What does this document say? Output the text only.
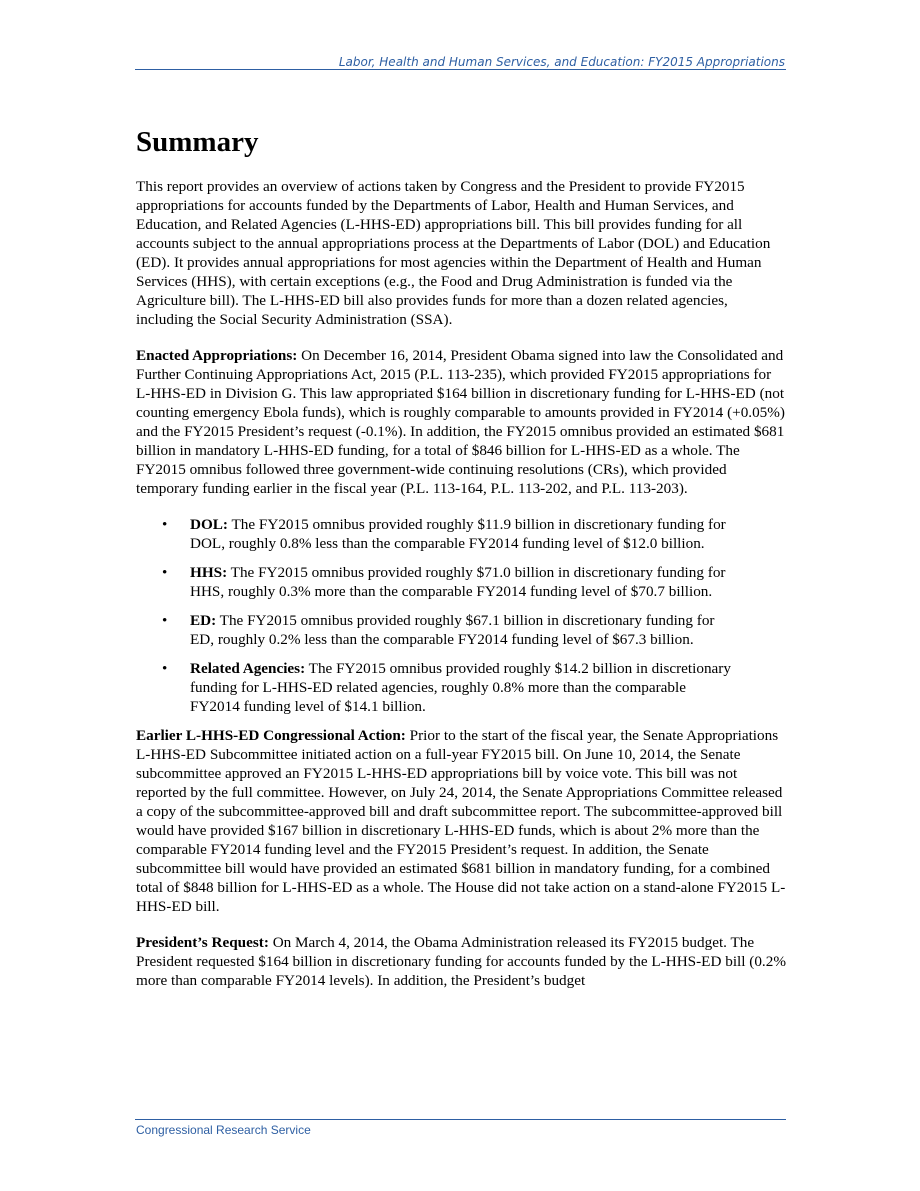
Labor, Health and Human Services, and Education: FY2015 Appropriations
Summary

This report provides an overview of actions taken by Congress and the President to provide FY2015 appropriations for accounts funded by the Departments of Labor, Health and Human Services, and Education, and Related Agencies (L-HHS-ED) appropriations bill. This bill provides funding for all accounts subject to the annual appropriations process at the Departments of Labor (DOL) and Education (ED). It provides annual appropriations for most agencies within the Department of Health and Human Services (HHS), with certain exceptions (e.g., the Food and Drug Administration is funded via the Agriculture bill). The L-HHS-ED bill also provides funds for more than a dozen related agencies, including the Social Security Administration (SSA).

Enacted Appropriations: On December 16, 2014, President Obama signed into law the Consolidated and Further Continuing Appropriations Act, 2015 (P.L. 113-235), which provided FY2015 appropriations for L-HHS-ED in Division G. This law appropriated $164 billion in discretionary funding for L-HHS-ED (not counting emergency Ebola funds), which is roughly comparable to amounts provided in FY2014 (+0.05%) and the FY2015 President’s request (-0.1%). In addition, the FY2015 omnibus provided an estimated $681 billion in mandatory L-HHS-ED funding, for a total of $846 billion for L-HHS-ED as a whole. The FY2015 omnibus followed three government-wide continuing resolutions (CRs), which provided temporary funding earlier in the fiscal year (P.L. 113-164, P.L. 113-202, and P.L. 113-203).

• DOL: The FY2015 omnibus provided roughly $11.9 billion in discretionary funding for DOL, roughly 0.8% less than the comparable FY2014 funding level of $12.0 billion.
• HHS: The FY2015 omnibus provided roughly $71.0 billion in discretionary funding for HHS, roughly 0.3% more than the comparable FY2014 funding level of $70.7 billion.
• ED: The FY2015 omnibus provided roughly $67.1 billion in discretionary funding for ED, roughly 0.2% less than the comparable FY2014 funding level of $67.3 billion.
• Related Agencies: The FY2015 omnibus provided roughly $14.2 billion in discretionary funding for L-HHS-ED related agencies, roughly 0.8% more than the comparable FY2014 funding level of $14.1 billion.

Earlier L-HHS-ED Congressional Action: Prior to the start of the fiscal year, the Senate Appropriations L-HHS-ED Subcommittee initiated action on a full-year FY2015 bill. On June 10, 2014, the Senate subcommittee approved an FY2015 L-HHS-ED appropriations bill by voice vote. This bill was not reported by the full committee. However, on July 24, 2014, the Senate Appropriations Committee released a copy of the subcommittee-approved bill and draft subcommittee report. The subcommittee-approved bill would have provided $167 billion in discretionary L-HHS-ED funds, which is about 2% more than the comparable FY2014 funding level and the FY2015 President’s request. In addition, the Senate subcommittee bill would have provided an estimated $681 billion in mandatory funding, for a combined total of $848 billion for L-HHS-ED as a whole. The House did not take action on a stand-alone FY2015 L-HHS-ED bill.

President’s Request: On March 4, 2014, the Obama Administration released its FY2015 budget. The President requested $164 billion in discretionary funding for accounts funded by the L-HHS-ED bill (0.2% more than comparable FY2014 levels). In addition, the President’s budget

Congressional Research Service
